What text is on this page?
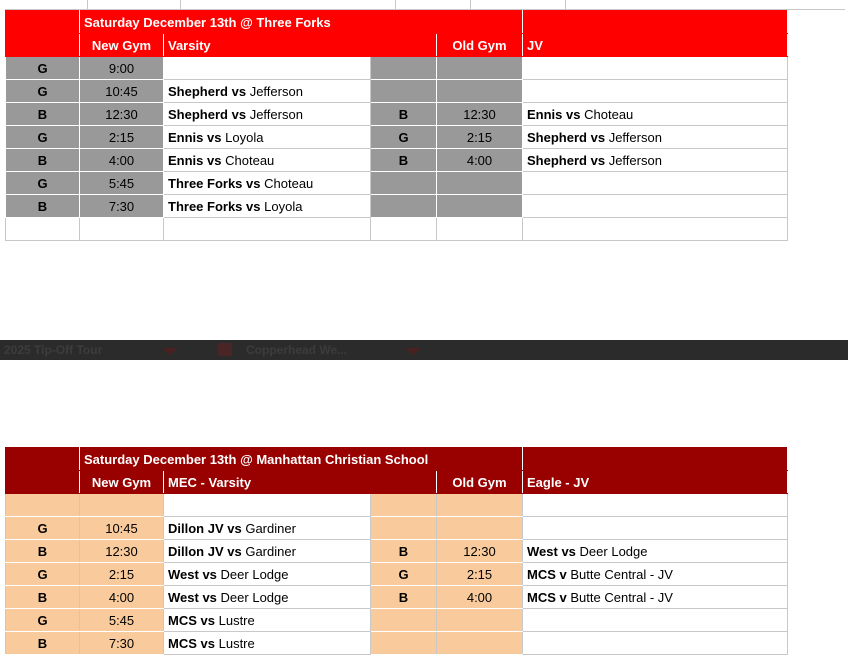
	Saturday December 13th @ Three Forks				
	New Gym	Varsity		Old Gym	JV
G	9:00				
G	10:45	Shepherd vs Jefferson			
B	12:30	Shepherd vs Jefferson	B	12:30	Ennis vs Choteau
G	2:15	Ennis vs Loyola	G	2:15	Shepherd vs Jefferson
B	4:00	Ennis vs Choteau	B	4:00	Shepherd vs Jefferson
G	5:45	Three Forks vs Choteau			
B	7:30	Three Forks vs Loyola			

2025 Tip-Off Tour	Copperhead We...
	Saturday December 13th @ Manhattan Christian School				
	New Gym	MEC - Varsity		Old Gym	Eagle - JV

G	10:45	Dillon JV vs Gardiner			
B	12:30	Dillon JV vs Gardiner	B	12:30	West vs Deer Lodge
G	2:15	West vs Deer Lodge	G	2:15	MCS v Butte Central - JV
B	4:00	West vs Deer Lodge	B	4:00	MCS v Butte Central - JV
G	5:45	MCS vs Lustre			
B	7:30	MCS vs Lustre			
